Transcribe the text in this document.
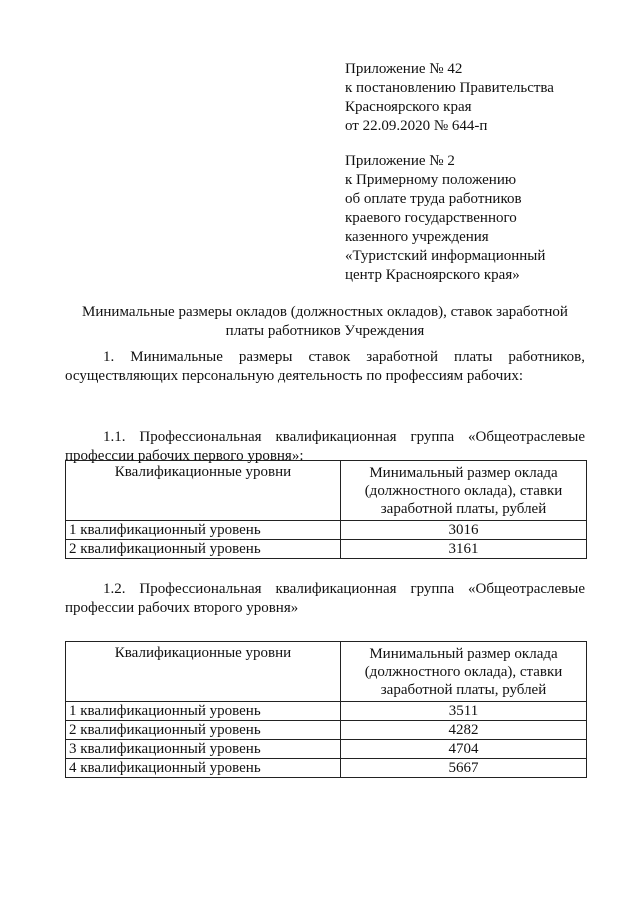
Приложение № 42
к постановлению Правительства
Красноярского края
от 22.09.2020 № 644-п
Приложение № 2
к Примерному положению
об оплате труда работников
краевого государственного
казенного учреждения
«Туристский информационный
центр Красноярского края»
Минимальные размеры окладов (должностных окладов), ставок заработной
платы работников Учреждения
1. Минимальные размеры ставок заработной платы работников,
осуществляющих персональную деятельность по профессиям рабочих:
1.1. Профессиональная квалификационная группа «Общеотраслевые
профессии рабочих первого уровня»:
Квалификационные уровни	Минимальный размер оклада
(должностного оклада), ставки
заработной платы, рублей

1 квалификационный уровень	3016
2 квалификационный уровень	3161
1.2. Профессиональная квалификационная группа «Общеотраслевые
профессии рабочих второго уровня»
Квалификационные уровни	Минимальный размер оклада
(должностного оклада), ставки
заработной платы, рублей

1 квалификационный уровень	3511
2 квалификационный уровень	4282
3 квалификационный уровень	4704
4 квалификационный уровень	5667
